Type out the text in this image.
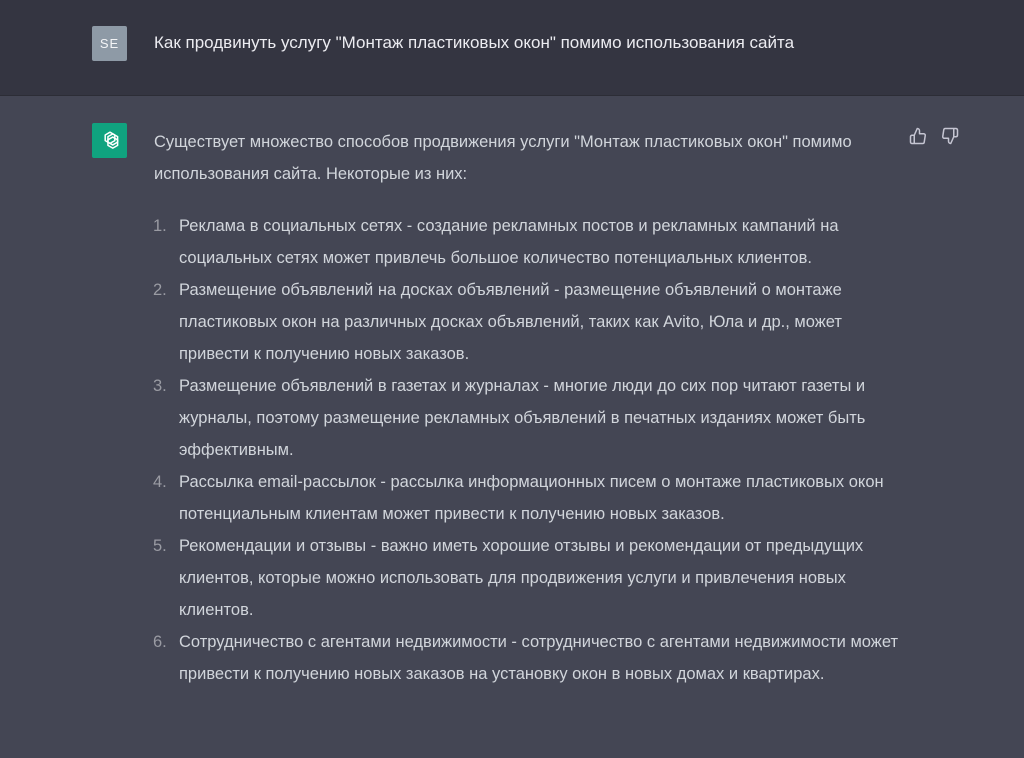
SE	Как продвинуть услугу "Монтаж пластиковых окон" помимо использования сайта

Существует множество способов продвижения услуги "Монтаж пластиковых окон" помимо использования сайта. Некоторые из них:

1. Реклама в социальных сетях - создание рекламных постов и рекламных кампаний на социальных сетях может привлечь большое количество потенциальных клиентов.
2. Размещение объявлений на досках объявлений - размещение объявлений о монтаже пластиковых окон на различных досках объявлений, таких как Avito, Юла и др., может привести к получению новых заказов.
3. Размещение объявлений в газетах и журналах - многие люди до сих пор читают газеты и журналы, поэтому размещение рекламных объявлений в печатных изданиях может быть эффективным.
4. Рассылка email-рассылок - рассылка информационных писем о монтаже пластиковых окон потенциальным клиентам может привести к получению новых заказов.
5. Рекомендации и отзывы - важно иметь хорошие отзывы и рекомендации от предыдущих клиентов, которые можно использовать для продвижения услуги и привлечения новых клиентов.
6. Сотрудничество с агентами недвижимости - сотрудничество с агентами недвижимости может привести к получению новых заказов на установку окон в новых домах и квартирах.
